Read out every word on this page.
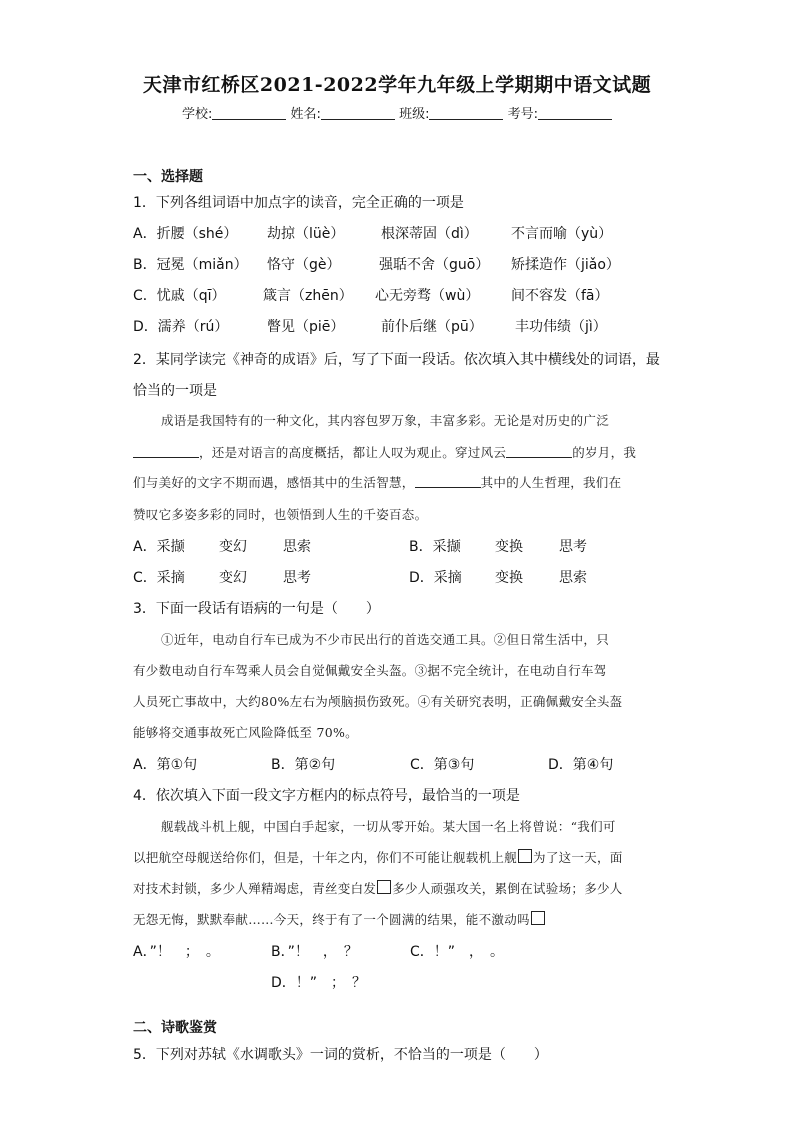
天津市红桥区2021-2022学年九年级上学期期中语文试题
学校:	姓名:	班级:	考号:
一、选择题
1．下列各组词语中加点字的读音，完全正确的一项是
A．折腰（shé） 劫掠（lüè）	根深蒂固（dì） 不言而喻（yù）
B．冠冕（miǎn） 恪守（gè）	强聒不舍（guō） 矫揉造作（jiǎo）
C．忧戚（qī）	箴言（zhēn） 心无旁骛（wù） 间不容发（fā）
D．濡养（rú）	瞥见（piē）	前仆后继（pū） 丰功伟绩（jì）
2．某同学读完《神奇的成语》后，写了下面一段话。依次填入其中横线处的词语，最
恰当的一项是
成语是我国特有的一种文化，其内容包罗万象，丰富多彩。无论是对历史的广泛
，还是对语言的高度概括，都让人叹为观止。穿过风云	的岁月，我
们与美好的文字不期而遇，感悟其中的生活智慧，	其中的人生哲理，我们在
赞叹它多姿多彩的同时，也领悟到人生的千姿百态。
A．采撷 变幻	思索	B．采撷 变换	思考
C．采摘 变幻	思考	D．采摘 变换	思索
3．下面一段话有语病的一句是（　　）
①近年，电动自行车已成为不少市民出行的首选交通工具。②但日常生活中，只
有少数电动自行车驾乘人员会自觉佩戴安全头盔。③据不完全统计，在电动自行车驾
人员死亡事故中，大约80%左右为颅脑损伤致死。④有关研究表明，正确佩戴安全头盔
能够将交通事故死亡风险降低至 70%。
A．第①句	B．第②句	C．第③句	D．第④句
4．依次填入下面一段文字方框内的标点符号，最恰当的一项是
舰载战斗机上舰，中国白手起家，一切从零开始。某大国一名上将曾说：“我们可
以把航空母舰送给你们，但是，十年之内，你们不可能让舰载机上舰 为了这一天，面
对技术封锁，多少人殚精竭虑，青丝变白发 多少人顽强攻关，累倒在试验场；多少人
无怨无悔，默默奉献……今天，终于有了一个圆满的结果，能不激动吗
A．”！　；　。	B．”！　，　？	C．！”　，　。
D．！”　；　？
二、诗歌鉴赏
5．下列对苏轼《水调歌头》一词的赏析，不恰当的一项是（　　）
